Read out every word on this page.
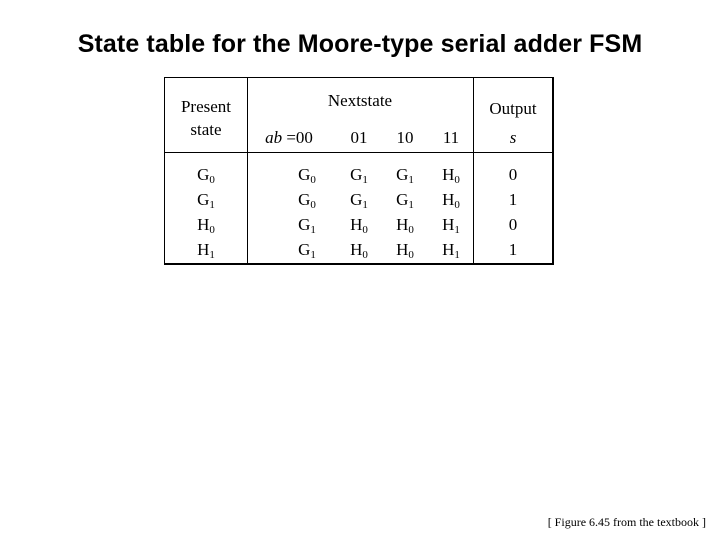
State table for the Moore-type serial adder FSM
Present
state
Nextstate
ab =00	01	10	11
Output
s
$G_0$	$G_0$	$G_1$	$G_1$	$H_0$	0
$G_1$	$G_0$	$G_1$	$G_1$	$H_0$	1
$H_0$	$G_1$	$H_0$	$H_0$	$H_1$	0
$H_1$	$G_1$	$H_0$	$H_0$	$H_1$	1
[ Figure 6.45 from the textbook ]
